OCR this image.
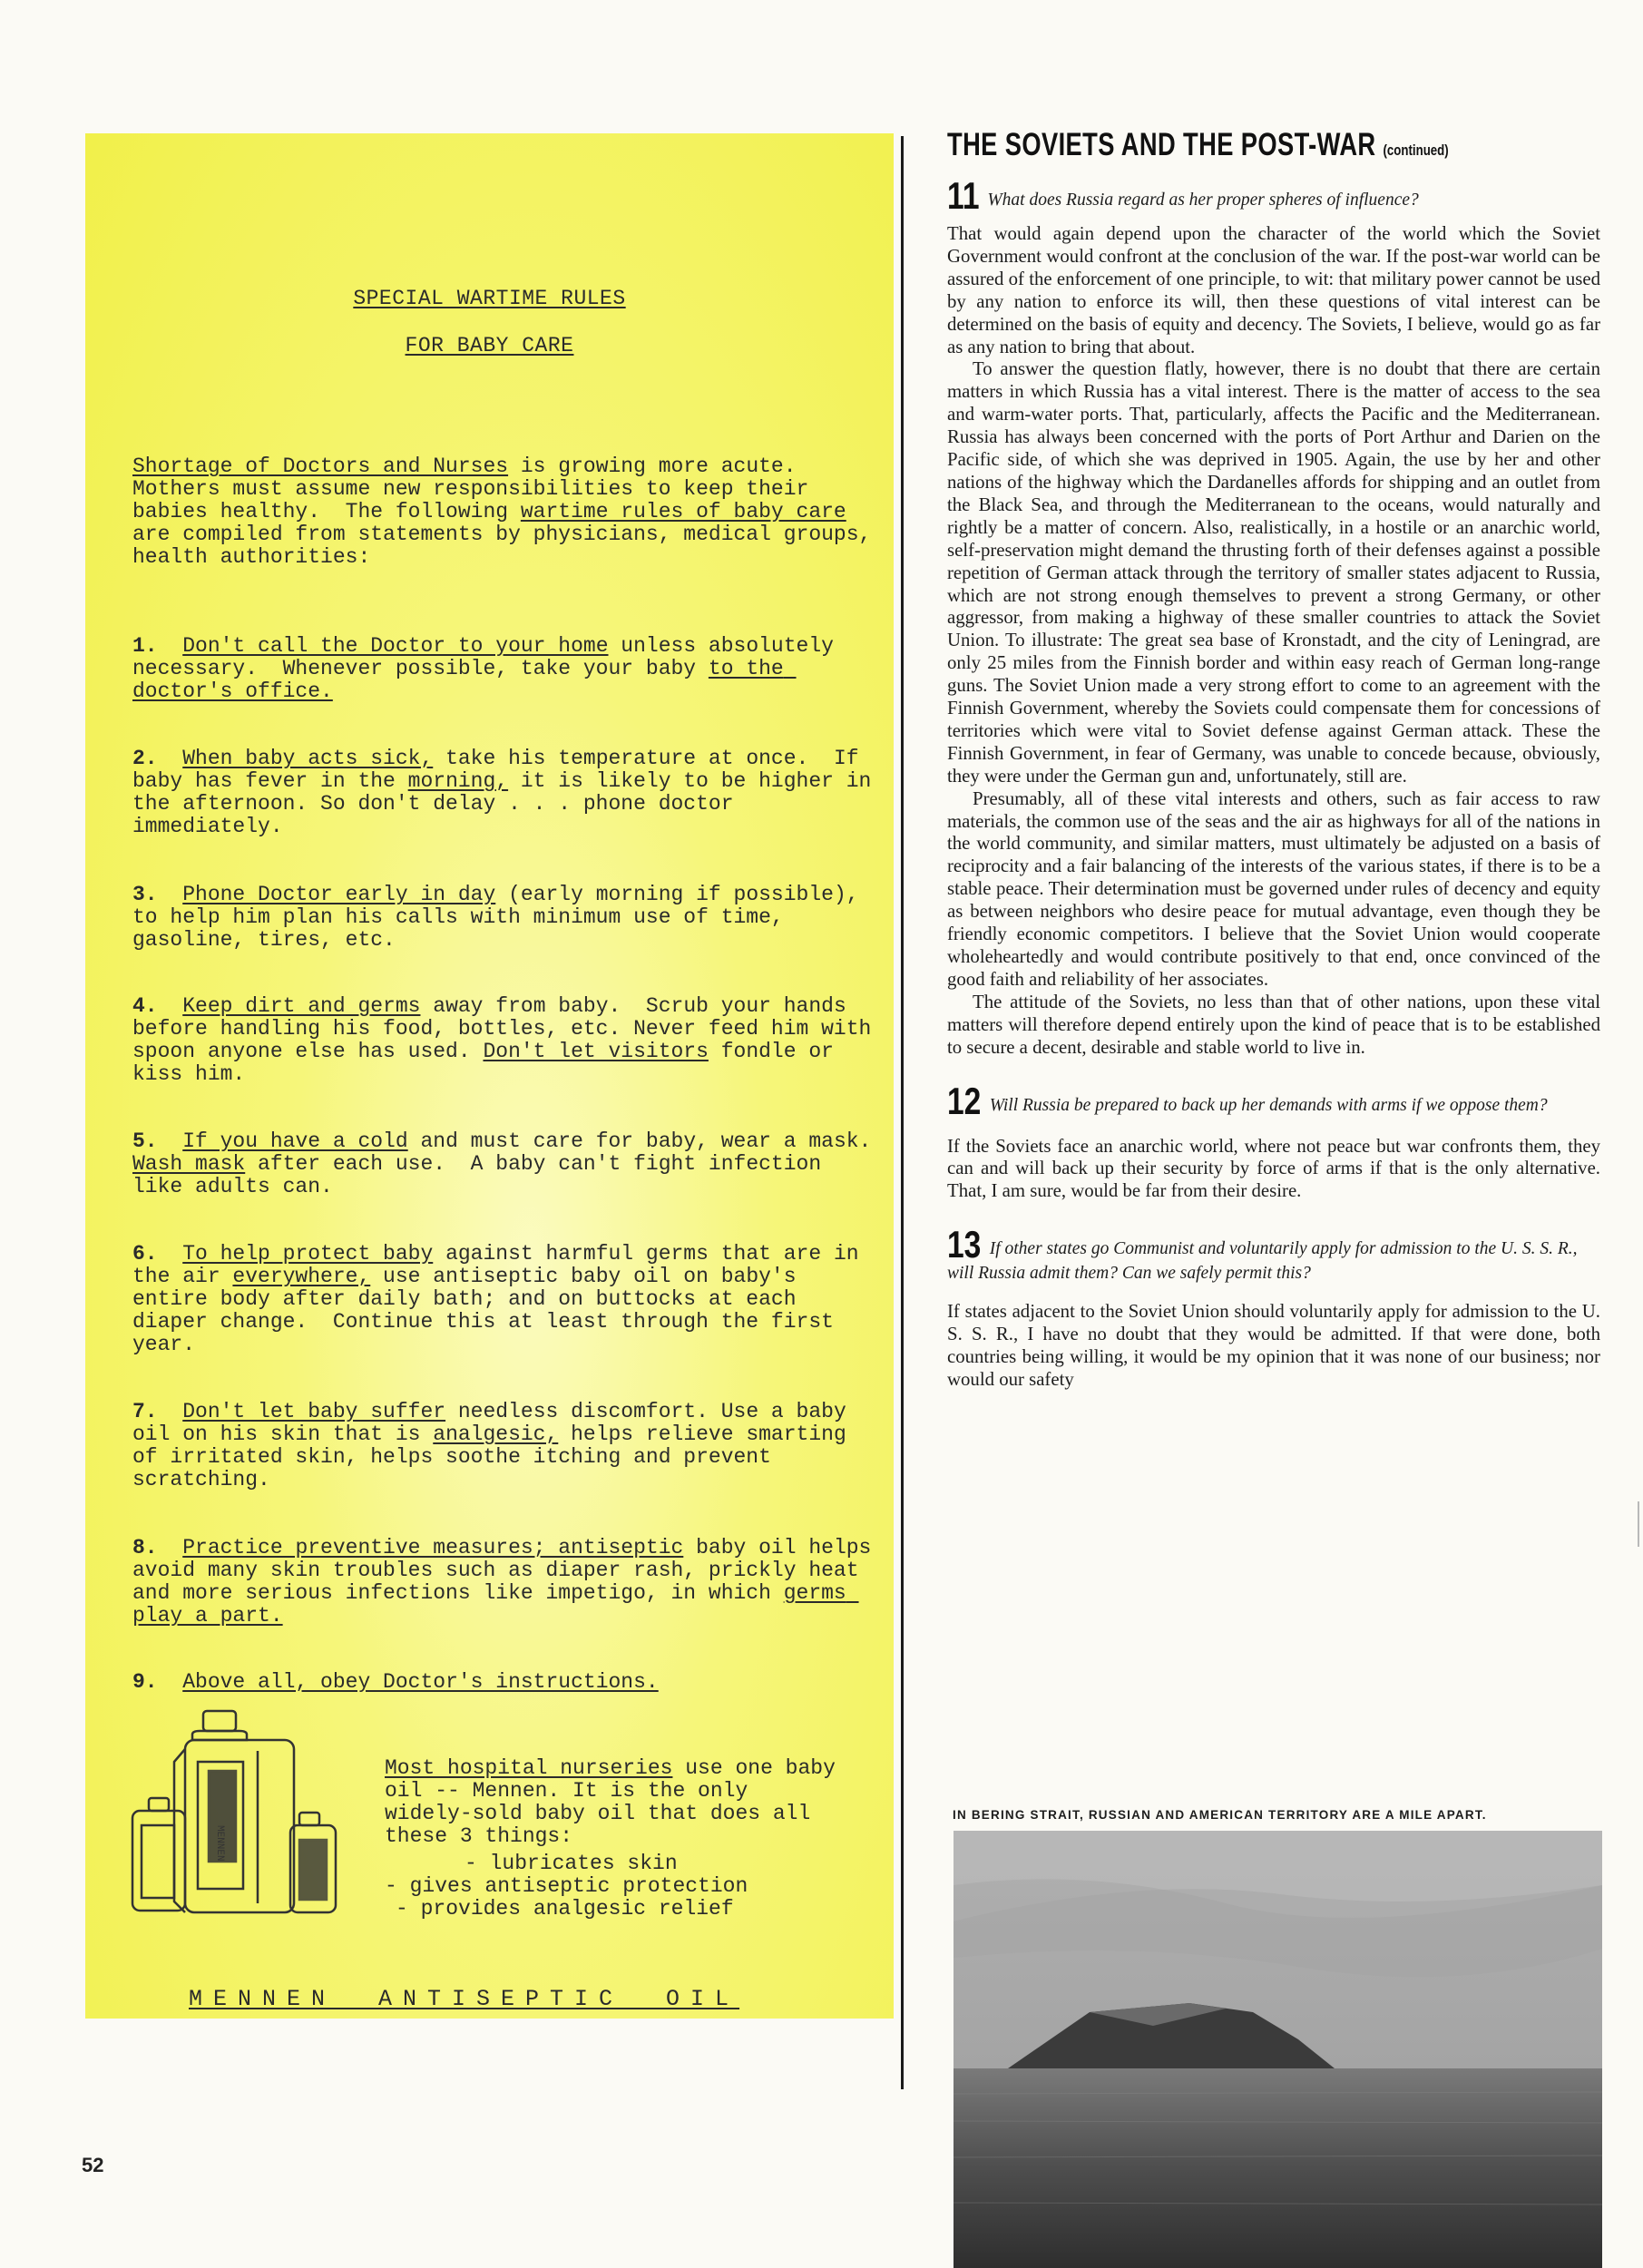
SPECIAL WARTIME RULES
FOR BABY CARE
Shortage of Doctors and Nurses is growing more acute.  Mothers must assume new responsibilities to keep their babies healthy.  The following wartime rules of baby care are compiled from statements by physicians, medical groups, health authorities:
1. Don't call the Doctor to your home unless absolutely necessary.  Whenever possible, take your baby to the doctor's office.
2. When baby acts sick, take his temperature at once.  If baby has fever in the morning, it is likely to be higher in the afternoon. So don't delay . . . phone doctor immediately.
3. Phone Doctor early in day (early morning if possible), to help him plan his calls with minimum use of time, gasoline, tires, etc.
4. Keep dirt and germs away from baby.  Scrub your hands before handling his food, bottles, etc. Never feed him with spoon anyone else has used. Don't let visitors fondle or kiss him.
5. If you have a cold and must care for baby, wear a mask.  Wash mask after each use.  A baby can't fight infection like adults can.
6. To help protect baby against harmful germs that are in the air everywhere, use antiseptic baby oil on baby's entire body after daily bath; and on buttocks at each diaper change.  Continue this at least through the first year.
7. Don't let baby suffer needless discomfort. Use a baby oil on his skin that is analgesic, helps relieve smarting of irritated skin, helps soothe itching and prevent scratching.
8. Practice preventive measures; antiseptic baby oil helps avoid many skin troubles such as diaper rash, prickly heat and more serious infections like impetigo, in which germs play a part.
9. Above all, obey Doctor's instructions.
MENNEN
Most hospital nurseries use one baby oil -- Mennen. It is the only widely-sold baby oil that does all these 3 things:
- lubricates skin
- gives antiseptic protection
- provides analgesic relief
MENNEN ANTISEPTIC OIL
52
THE SOVIETS AND THE POST-WAR (continued)
11 What does Russia regard as her proper spheres of influence?

That would again depend upon the character of the world which the Soviet Government would confront at the conclusion of the war. If the post-war world can be assured of the enforcement of one principle, to wit: that military power cannot be used by any nation to enforce its will, then these questions of vital interest can be determined on the basis of equity and decency. The Soviets, I believe, would go as far as any nation to bring that about.

To answer the question flatly, however, there is no doubt that there are certain matters in which Russia has a vital interest. There is the matter of access to the sea and warm-water ports. That, particularly, affects the Pacific and the Mediterranean. Russia has always been concerned with the ports of Port Arthur and Darien on the Pacific side, of which she was deprived in 1905. Again, the use by her and other nations of the highway which the Dardanelles affords for shipping and an outlet from the Black Sea, and through the Mediterranean to the oceans, would naturally and rightly be a matter of concern. Also, realistically, in a hostile or an anarchic world, self-preservation might demand the thrusting forth of their defenses against a possible repetition of German attack through the territory of smaller states adjacent to Russia, which are not strong enough themselves to prevent a strong Germany, or other aggressor, from making a highway of these smaller countries to attack the Soviet Union. To illustrate: The great sea base of Kronstadt, and the city of Leningrad, are only 25 miles from the Finnish border and within easy reach of German long-range guns. The Soviet Union made a very strong effort to come to an agreement with the Finnish Government, whereby the Soviets could compensate them for concessions of territories which were vital to Soviet defense against German attack. These the Finnish Government, in fear of Germany, was unable to concede because, obviously, they were under the German gun and, unfortunately, still are.

Presumably, all of these vital interests and others, such as fair access to raw materials, the common use of the seas and the air as highways for all of the nations in the world community, and similar matters, must ultimately be adjusted on a basis of reciprocity and a fair balancing of the interests of the various states, if there is to be a stable peace. Their determination must be governed under rules of decency and equity as between neighbors who desire peace for mutual advantage, even though they be friendly economic competitors. I believe that the Soviet Union would cooperate wholeheartedly and would contribute positively to that end, once convinced of the good faith and reliability of her associates.

The attitude of the Soviets, no less than that of other nations, upon these vital matters will therefore depend entirely upon the kind of peace that is to be established to secure a decent, desirable and stable world to live in.

12 Will Russia be prepared to back up her demands with arms if we oppose them?

If the Soviets face an anarchic world, where not peace but war confronts them, they can and will back up their security by force of arms if that is the only alternative. That, I am sure, would be far from their desire.

13 If other states go Communist and voluntarily apply for admission to the U. S. S. R., will Russia admit them? Can we safely permit this?

If states adjacent to the Soviet Union should voluntarily apply for admission to the U. S. S. R., I have no doubt that they would be admitted. If that were done, both countries being willing, it would be my opinion that it was none of our business; nor would our safety

IN BERING STRAIT, RUSSIAN AND AMERICAN TERRITORY ARE A MILE APART.
